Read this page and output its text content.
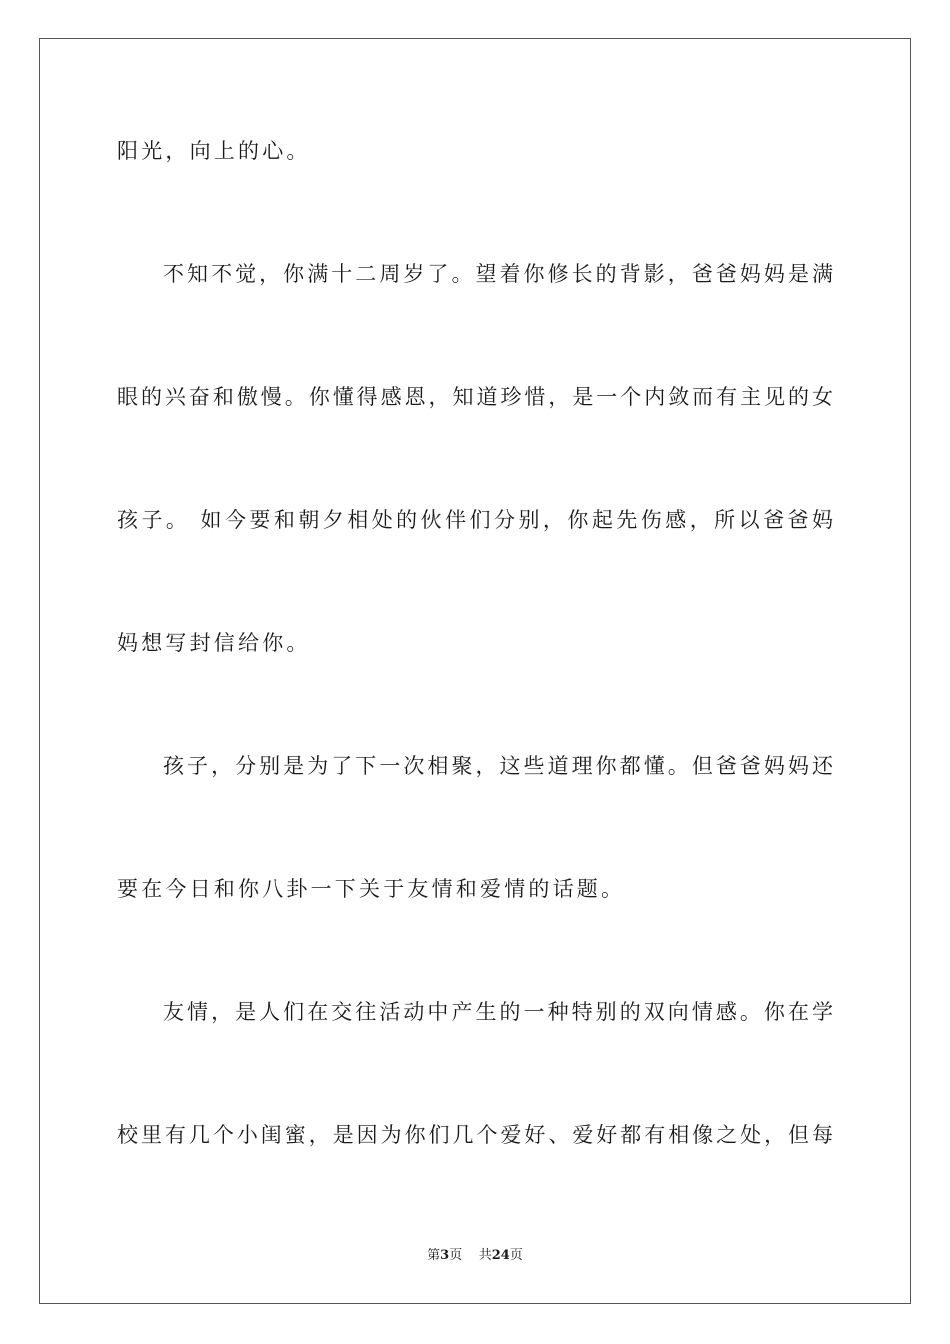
阳光，向上的心。
不知不觉，你满十二周岁了。望着你修长的背影，爸爸妈妈是满
眼的兴奋和傲慢。你懂得感恩，知道珍惜，是一个内敛而有主见的女
孩子。 如今要和朝夕相处的伙伴们分别，你起先伤感，所以爸爸妈
妈想写封信给你。
孩子，分别是为了下一次相聚，这些道理你都懂。但爸爸妈妈还
要在今日和你八卦一下关于友情和爱情的话题。
友情，是人们在交往活动中产生的一种特别的双向情感。你在学
校里有几个小闺蜜，是因为你们几个爱好、爱好都有相像之处，但每
第3页 共24页
